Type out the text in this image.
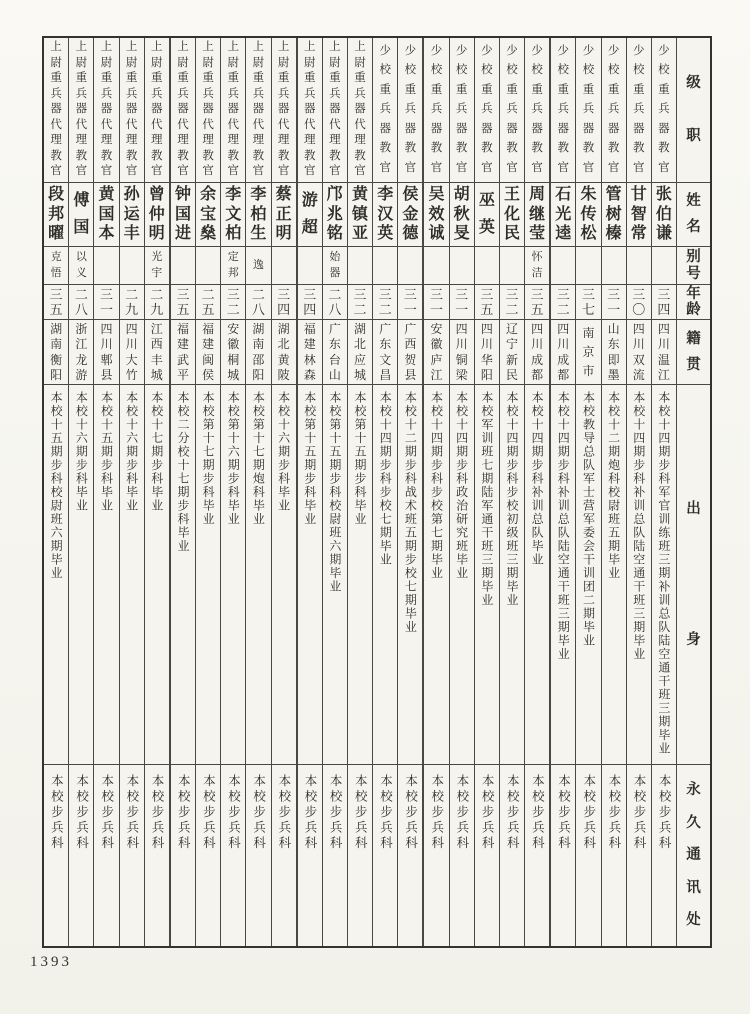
级
职
姓
名
别
号
年
龄
籍
贯
出
身
永
久
通
讯
处
少
校
重
兵
器
教
官
张
伯
谦
三
四
四
川
温
江
本校十四期步科军官训练班三期补训总队陆空通干班三期毕业
本校步兵科
少
校
重
兵
器
教
官
甘
智
常
三
〇
四
川
双
流
本校十四期步科补训总队陆空通干班三期毕业
本校步兵科
少
校
重
兵
器
教
官
管
树
榛
三
一
山
东
即
墨
本校十二期炮科校尉班五期毕业
本校步兵科
少
校
重
兵
器
教
官
朱
传
松
三
七
南
京
市
本校教导总队军士营军委会干训团二期毕业
本校步兵科
少
校
重
兵
器
教
官
石
光
逵
三
二
四
川
成
都
本校十四期步科补训总队陆空通干班三期毕业
本校步兵科
少
校
重
兵
器
教
官
周
继
莹
怀
洁
三
五
四
川
成
都
本校十四期步科补训总队毕业
本校步兵科
少
校
重
兵
器
教
官
王
化
民
三
二
辽
宁
新
民
本校十四期步科步校初级班三期毕业
本校步兵科
少
校
重
兵
器
教
官
巫
英
三
五
四
川
华
阳
本校军训班七期陆军通干班三期毕业
本校步兵科
少
校
重
兵
器
教
官
胡
秋
旻
三
一
四
川
铜
梁
本校十四期步科政治研究班毕业
本校步兵科
少
校
重
兵
器
教
官
吴
效
诚
三
一
安
徽
庐
江
本校十四期步科步校第七期毕业
本校步兵科
少
校
重
兵
器
教
官
侯
金
德
三
一
广
西
贺
县
本校十二期步科战术班五期步校七期毕业
本校步兵科
少
校
重
兵
器
教
官
李
汉
英
三
二
广
东
文
昌
本校十四期步科步校七期毕业
本校步兵科
上
尉
重
兵
器
代
理
教
官
黄
镇
亚
三
二
湖
北
应
城
本校第十五期步科毕业
本校步兵科
上
尉
重
兵
器
代
理
教
官
邝
兆
铭
始
器
二
八
广
东
台
山
本校第十五期步科校尉班六期毕业
本校步兵科
上
尉
重
兵
器
代
理
教
官
游
超
三
四
福
建
林
森
本校第十五期步科毕业
本校步兵科
上
尉
重
兵
器
代
理
教
官
蔡
正
明
三
四
湖
北
黄
陂
本校十六期步科毕业
本校步兵科
上
尉
重
兵
器
代
理
教
官
李
柏
生
逸
二
八
湖
南
邵
阳
本校第十七期炮科毕业
本校步兵科
上
尉
重
兵
器
代
理
教
官
李
文
柏
定
邦
三
二
安
徽
桐
城
本校第十六期步科毕业
本校步兵科
上
尉
重
兵
器
代
理
教
官
余
宝
燊
二
五
福
建
闽
侯
本校第十七期步科毕业
本校步兵科
上
尉
重
兵
器
代
理
教
官
钟
国
进
三
五
福
建
武
平
本校二分校十七期步科毕业
本校步兵科
上
尉
重
兵
器
代
理
教
官
曾
仲
明
光
宇
二
九
江
西
丰
城
本校十七期步科毕业
本校步兵科
上
尉
重
兵
器
代
理
教
官
孙
运
丰
二
九
四
川
大
竹
本校十六期步科毕业
本校步兵科
上
尉
重
兵
器
代
理
教
官
黄
国
本
三
一
四
川
郫
县
本校十五期步科毕业
本校步兵科
上
尉
重
兵
器
代
理
教
官
傅
国
以
义
二
八
浙
江
龙
游
本校十六期步科毕业
本校步兵科
上
尉
重
兵
器
代
理
教
官
段
邦
曜
克
悟
三
五
湖
南
衡
阳
本校十五期步科校尉班六期毕业
本校步兵科
1393
